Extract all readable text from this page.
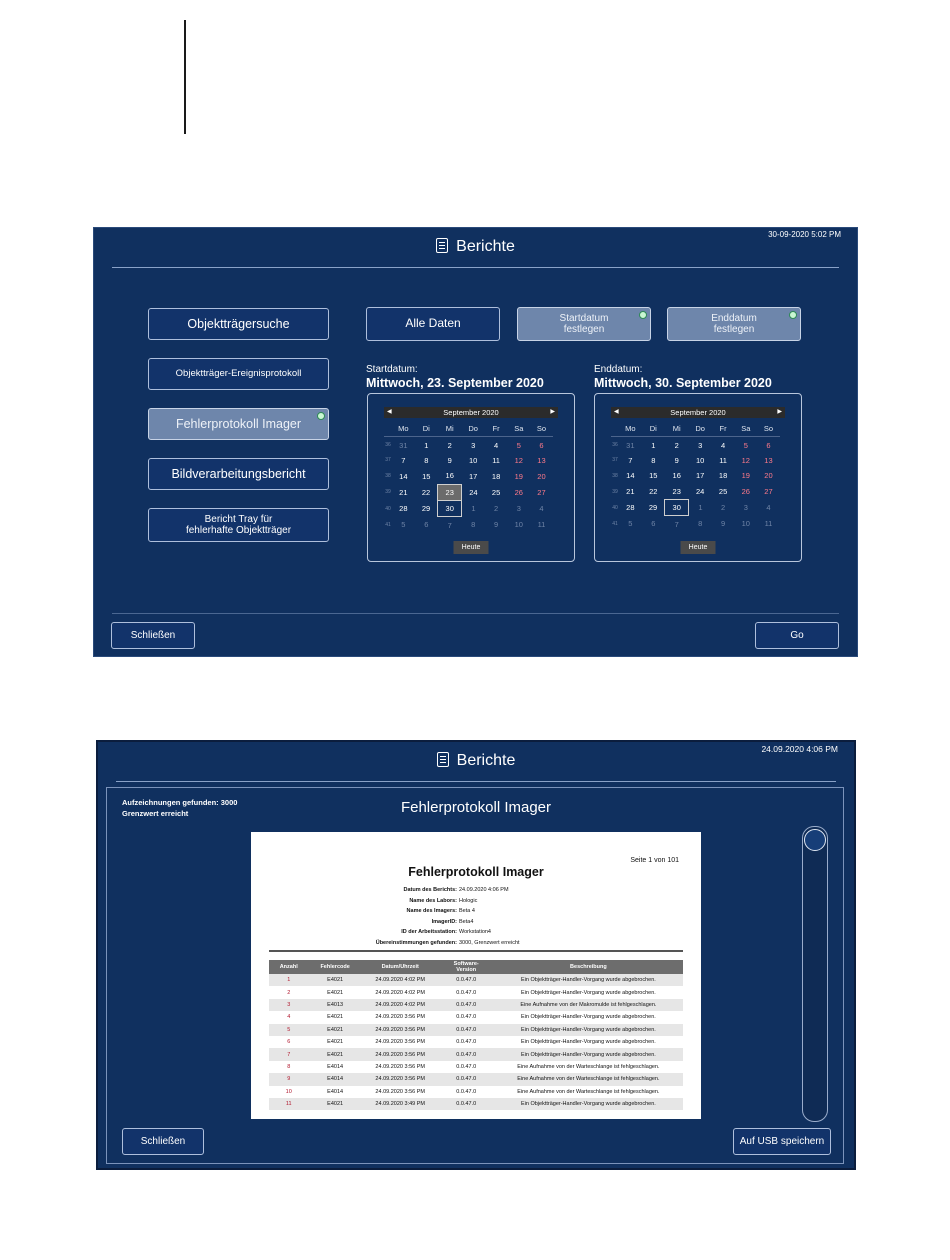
30-09-2020 5:02 PM
Berichte
Objektträgersuche
Objektträger-Ereignisprotokoll
Fehlerprotokoll Imager
Bildverarbeitungsbericht
Bericht Tray für
fehlerhafte Objektträger
Alle Daten	Startdatum
festlegen
Enddatum
festlegen
Startdatum:
Mittwoch, 23. September 2020
Enddatum:
Mittwoch, 30. September 2020
◀	September 2020	▶
	Mo	Di	Mi	Do	Fr	Sa	So
36	31	1	2	3	4	5	6
37	7	8	9	10	11	12	13
38	14	15	16	17	18	19	20
39	21	22	23	24	25	26	27
40	28	29	30	1	2	3	4
41	5	6	7	8	9	10	11
Heute
◀	September 2020	▶
	Mo	Di	Mi	Do	Fr	Sa	So
36	31	1	2	3	4	5	6
37	7	8	9	10	11	12	13
38	14	15	16	17	18	19	20
39	21	22	23	24	25	26	27
40	28	29	30	1	2	3	4
41	5	6	7	8	9	10	11
Heute
Schließen	Go
24.09.2020 4:06 PM
Berichte
Aufzeichnungen gefunden: 3000
Grenzwert erreicht	Fehlerprotokoll Imager
Seite 1 von 101
Fehlerprotokoll Imager
Datum des Berichts: 24.09.2020 4:06 PM
Name des Labors: Hologic
Name des Imagers: Beta 4
ImagerID: Beta4
ID der Arbeitsstation: Workstation4
Übereinstimmungen gefunden: 3000, Grenzwert erreicht
Anzahl	Fehlercode	Datum/Uhrzeit	Software-
Version	Beschreibung
1	E4021	24.09.2020 4:02 PM	0.0.47.0	Ein Objektträger-Handler-Vorgang wurde abgebrochen.
2	E4021	24.09.2020 4:02 PM	0.0.47.0	Ein Objektträger-Handler-Vorgang wurde abgebrochen.
3	E4013	24.09.2020 4:02 PM	0.0.47.0	Eine Aufnahme von der Makromulde ist fehlgeschlagen.
4	E4021	24.09.2020 3:56 PM	0.0.47.0	Ein Objektträger-Handler-Vorgang wurde abgebrochen.
5	E4021	24.09.2020 3:56 PM	0.0.47.0	Ein Objektträger-Handler-Vorgang wurde abgebrochen.
6	E4021	24.09.2020 3:56 PM	0.0.47.0	Ein Objektträger-Handler-Vorgang wurde abgebrochen.
7	E4021	24.09.2020 3:56 PM	0.0.47.0	Ein Objektträger-Handler-Vorgang wurde abgebrochen.
8	E4014	24.09.2020 3:56 PM	0.0.47.0	Eine Aufnahme von der Warteschlange ist fehlgeschlagen.
9	E4014	24.09.2020 3:56 PM	0.0.47.0	Eine Aufnahme von der Warteschlange ist fehlgeschlagen.
10	E4014	24.09.2020 3:56 PM	0.0.47.0	Eine Aufnahme von der Warteschlange ist fehlgeschlagen.
11	E4021	24.09.2020 3:49 PM	0.0.47.0	Ein Objektträger-Handler-Vorgang wurde abgebrochen.
Schließen	Auf USB speichern
